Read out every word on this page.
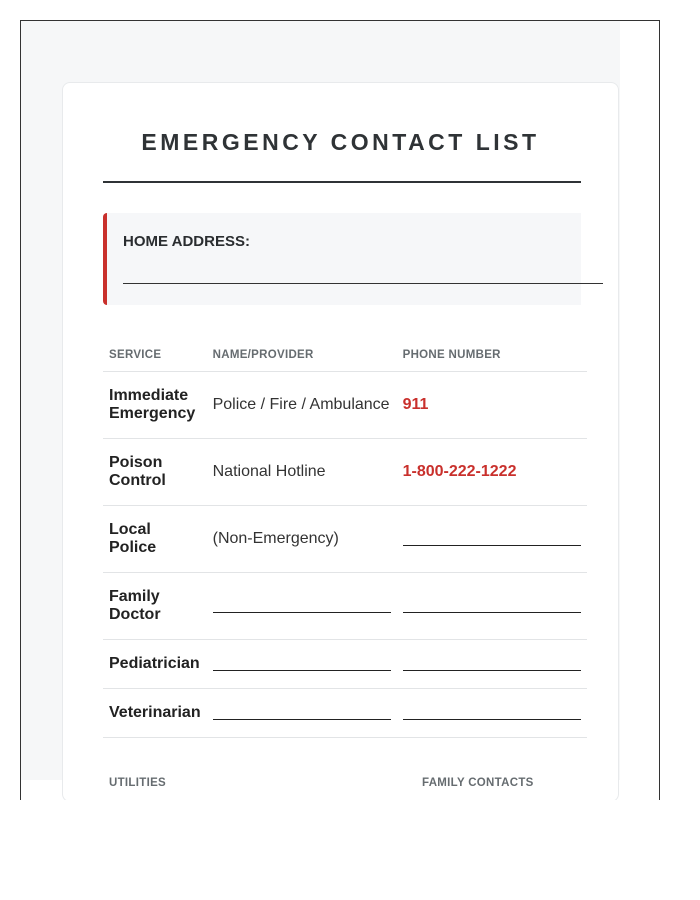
EMERGENCY CONTACT LIST
HOME ADDRESS:
SERVICE	NAME/PROVIDER	PHONE NUMBER
Immediate Emergency	Police / Fire / Ambulance	911
Poison Control	National Hotline	1-800-222-1222
Local Police	(Non-Emergency)	
Family Doctor		
Pediatrician		
Veterinarian		
UTILITIES	FAMILY CONTACTS
